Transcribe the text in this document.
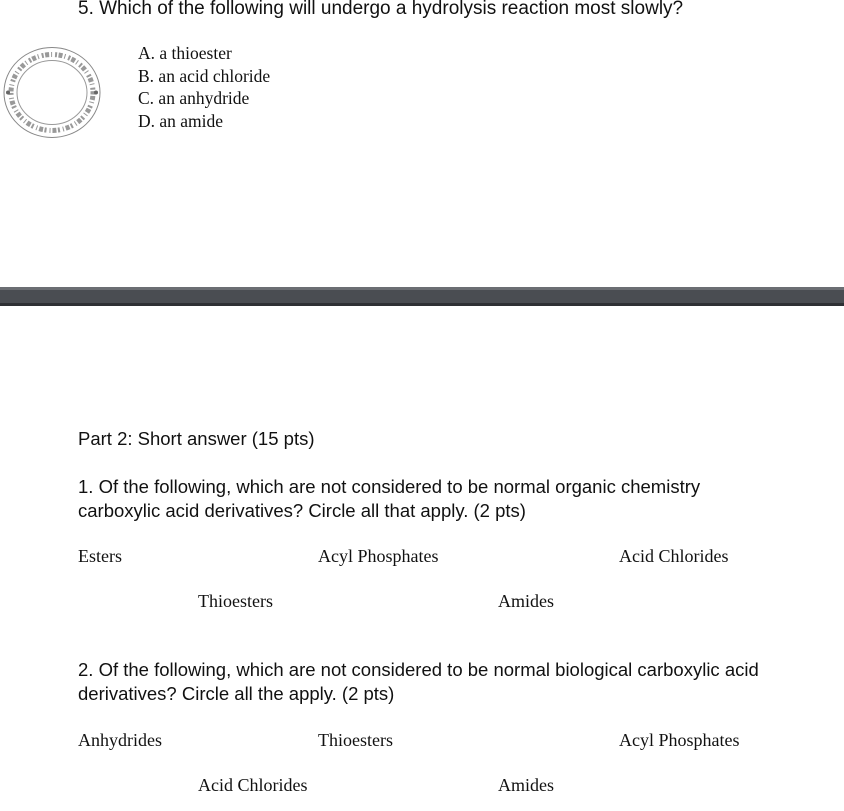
5. Which of the following will undergo a hydrolysis reaction most slowly?
A. a thioester
B. an acid chloride
C. an anhydride
D. an amide
Part 2: Short answer (15 pts)
1. Of the following, which are not considered to be normal organic chemistry
carboxylic acid derivatives? Circle all that apply. (2 pts)
Esters	Acyl Phosphates	Acid Chlorides
Thioesters	Amides
2. Of the following, which are not considered to be normal biological carboxylic acid
derivatives? Circle all the apply. (2 pts)
Anhydrides	Thioesters	Acyl Phosphates
Acid Chlorides	Amides
